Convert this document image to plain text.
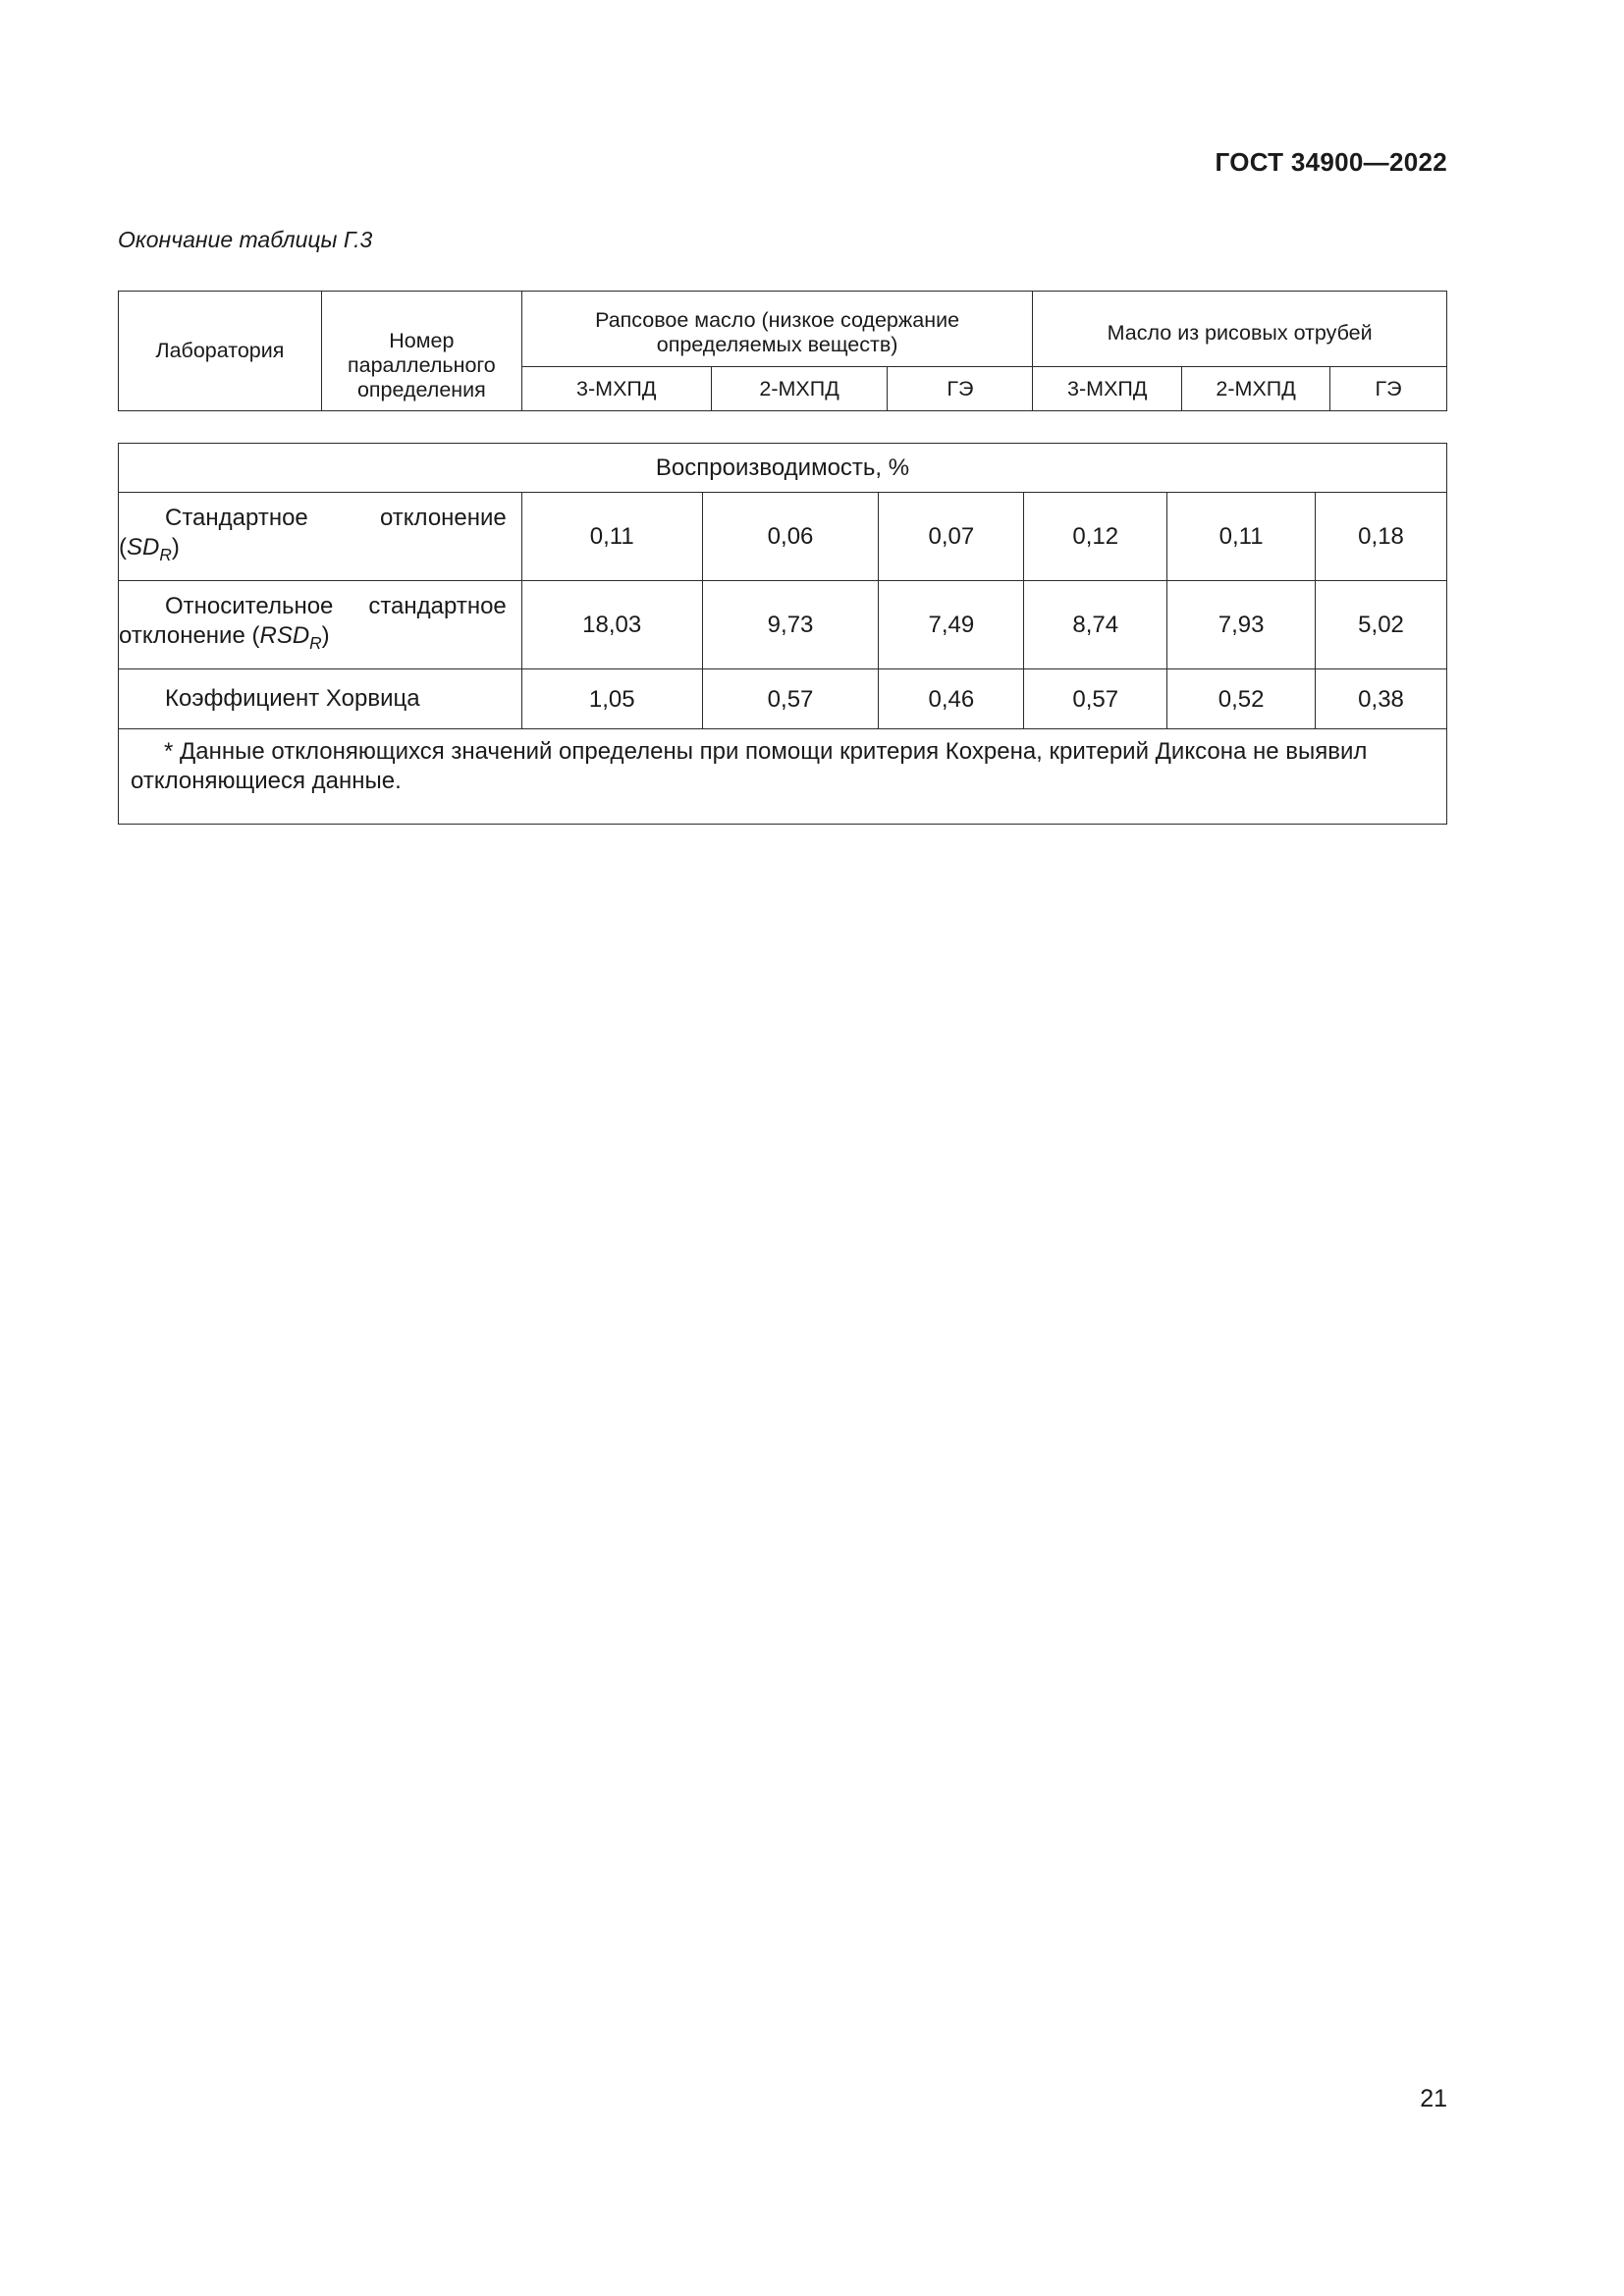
ГОСТ 34900—2022
Окончание таблицы Г.3
Лаборатория	Номер параллельного определения	Рапсовое масло (низкое содержание определяемых веществ)			Масло из рисовых отрубей		
		3-МХПД	2-МХПД	ГЭ	3-МХПД	2-МХПД	ГЭ
Воспроизводимость, %						

Стандартное отклонение
$(SD_R)$	0,11	0,06	0,07	0,12	0,11	0,18

Относительное стандартное
отклонение $(RSD_R)$	18,03	9,73	7,49	8,74	7,93	5,02
Коэффициент Хорвица	1,05	0,57	0,46	0,57	0,52	0,38

* Данные отклоняющихся значений определены при помощи критерия Кохрена, критерий Диксона не выявил отклоняющиеся данные.						
21
